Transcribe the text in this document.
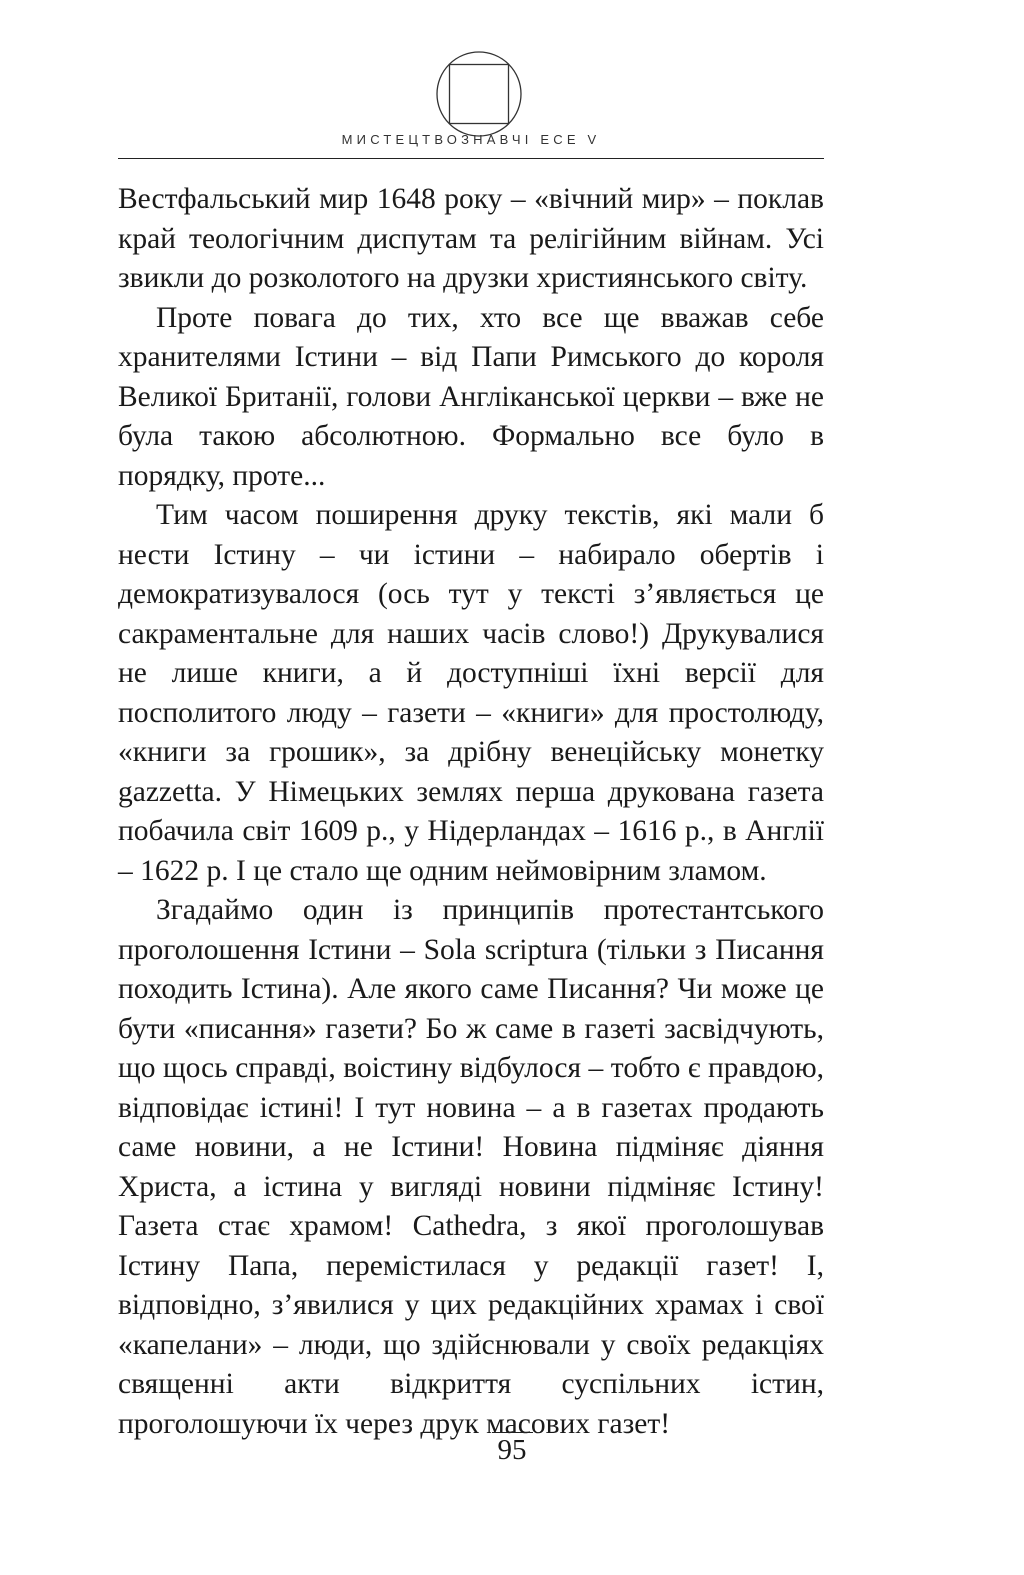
МИСТЕЦТВОЗНАВЧІ ЕСЕ V

Вестфальський мир 1648 року – «вічний мир» – поклав край теологічним диспутам та релігійним війнам. Усі звикли до розколотого на друзки християнського світу.

Проте повага до тих, хто все ще вважав себе хранителями Істини – від Папи Римського до короля Великої Британії, голови Англіканської церкви – вже не була такою абсолютною. Формально все було в порядку, проте...

Тим часом поширення друку текстів, які мали б нести Істину – чи істини – набирало обертів і демократизувалося (ось тут у тексті з’являється це сакраментальне для наших часів слово!) Друкувалися не лише книги, а й доступніші їхні версії для посполитого люду – газети – «книги» для простолюду, «книги за грошик», за дрібну венеційську монетку gazzetta. У Німецьких землях перша друкована газета побачила світ 1609 р., у Нідерландах – 1616 р., в Англії – 1622 р. І це стало ще одним неймовірним зламом.

Згадаймо один із принципів протестантського проголошення Істини – Sola scriptura (тільки з Писання походить Істина). Але якого саме Писання? Чи може це бути «писання» газети? Бо ж саме в газеті засвідчують, що щось справді, воістину відбулося – тобто є правдою, відповідає істині! І тут новина – а в газетах продають саме новини, а не Істини! Новина підміняє діяння Христа, а істина у вигляді новини підміняє Істину! Газета стає храмом! Cathedra, з якої проголошував Істину Папа, перемістилася у редакції газет! І, відповідно, з’явилися у цих редакційних храмах і свої «капелани» – люди, що здійснювали у своїх редакціях священні акти відкриття суспільних істин, проголошуючи їх через друк масових газет!

95
